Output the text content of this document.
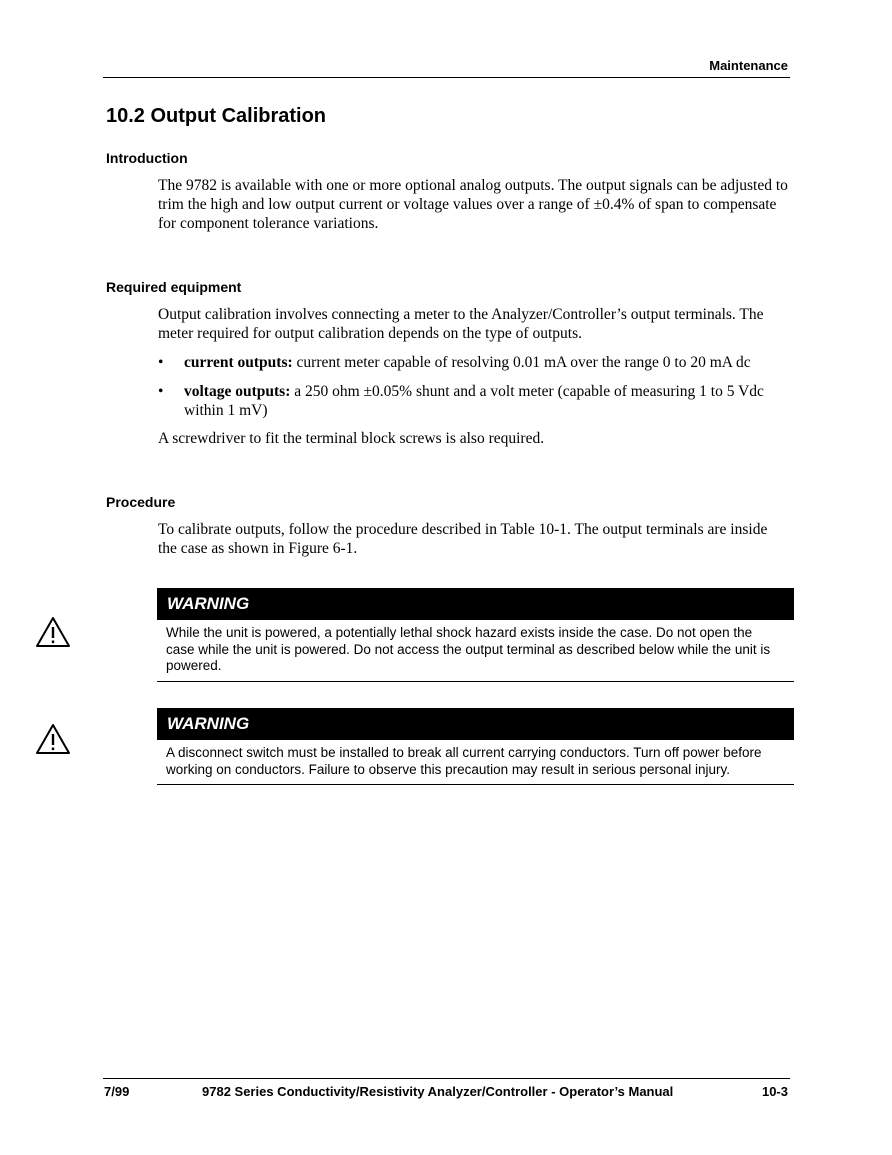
Maintenance
10.2 Output Calibration
Introduction

The 9782 is available with one or more optional analog outputs. The output signals can be adjusted to trim the high and low output current or voltage values over a range of ±0.4% of span to compensate for component tolerance variations.

Required equipment

Output calibration involves connecting a meter to the Analyzer/Controller’s output terminals. The meter required for output calibration depends on the type of outputs.

• current outputs: current meter capable of resolving 0.01 mA over the range 0 to 20 mA dc
• voltage outputs: a 250 ohm ±0.05% shunt and a volt meter (capable of measuring 1 to 5 Vdc within 1 mV)

A screwdriver to fit the terminal block screws is also required.

Procedure

To calibrate outputs, follow the procedure described in Table 10-1. The output terminals are inside the case as shown in Figure 6-1.

WARNING
While the unit is powered, a potentially lethal shock hazard exists inside the case. Do not open the case while the unit is powered. Do not access the output terminal as described below while the unit is powered.
WARNING
A disconnect switch must be installed to break all current carrying conductors. Turn off power before working on conductors. Failure to observe this precaution may result in serious personal injury.
7/99	9782 Series Conductivity/Resistivity Analyzer/Controller - Operator’s Manual	10-3
